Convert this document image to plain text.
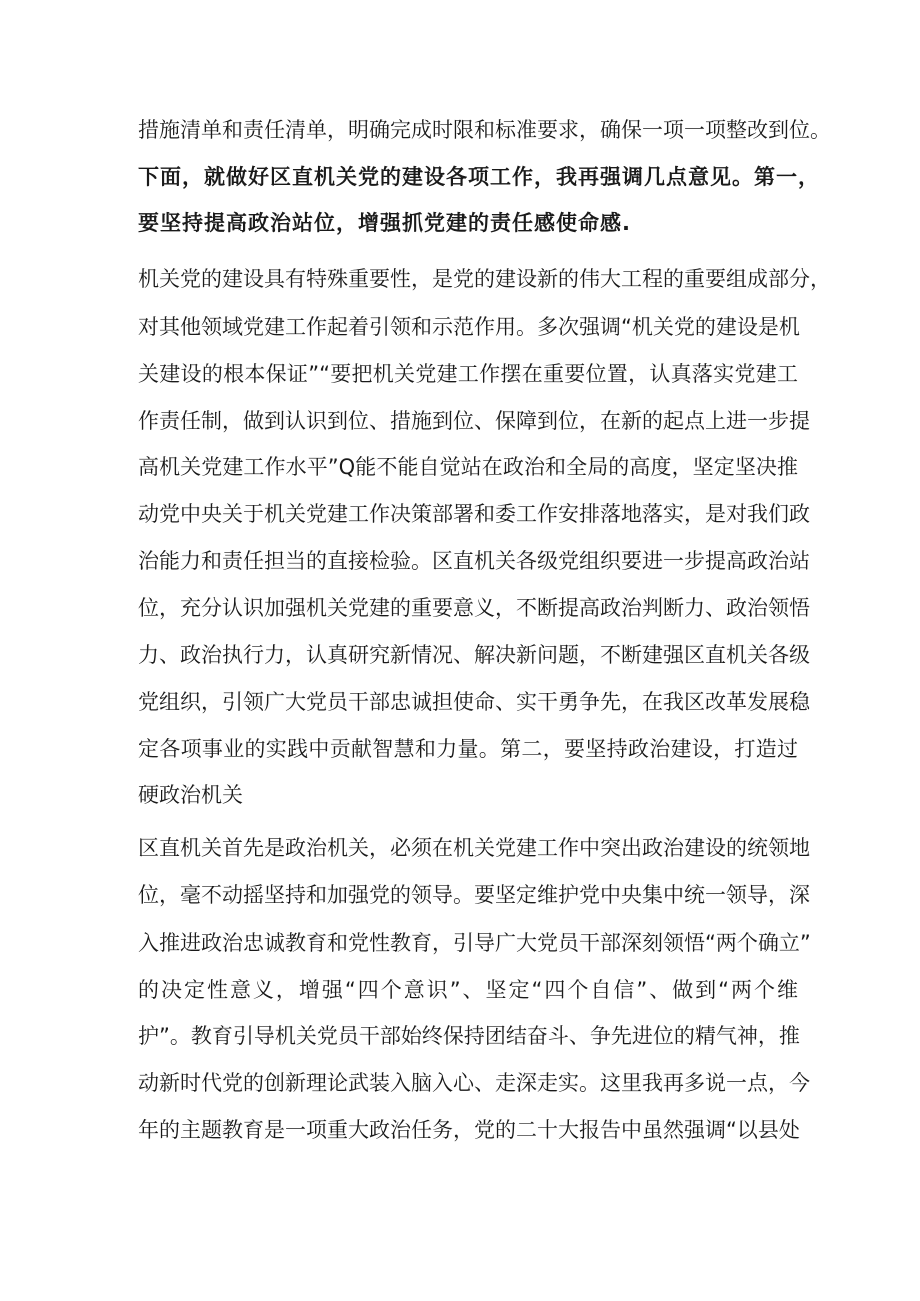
措施清单和责任清单，明确完成时限和标准要求，确保一项一项整改到位。
下面，就做好区直机关党的建设各项工作，我再强调几点意见。第一，
要坚持提高政治站位，增强抓党建的责任感使命感.
机关党的建设具有特殊重要性，是党的建设新的伟大工程的重要组成部分，
对其他领域党建工作起着引领和示范作用。多次强调“机关党的建设是机
关建设的根本保证”“要把机关党建工作摆在重要位置，认真落实党建工
作责任制，做到认识到位、措施到位、保障到位，在新的起点上进一步提
高机关党建工作水平”Q能不能自觉站在政治和全局的高度，坚定坚决推
动党中央关于机关党建工作决策部署和委工作安排落地落实，是对我们政
治能力和责任担当的直接检验。区直机关各级党组织要进一步提高政治站
位，充分认识加强机关党建的重要意义，不断提高政治判断力、政治领悟
力、政治执行力，认真研究新情况、解决新问题，不断建强区直机关各级
党组织，引领广大党员干部忠诚担使命、实干勇争先，在我区改革发展稳
定各项事业的实践中贡献智慧和力量。第二，要坚持政治建设，打造过
硬政治机关
区直机关首先是政治机关，必须在机关党建工作中突出政治建设的统领地
位，毫不动摇坚持和加强党的领导。要坚定维护党中央集中统一领导，深
入推进政治忠诚教育和党性教育，引导广大党员干部深刻领悟“两个确立”
的决定性意义，增强“四个意识”、坚定“四个自信”、做到“两个维
护”。教育引导机关党员干部始终保持团结奋斗、争先进位的精气神，推
动新时代党的创新理论武装入脑入心、走深走实。这里我再多说一点，今
年的主题教育是一项重大政治任务，党的二十大报告中虽然强调“以县处
